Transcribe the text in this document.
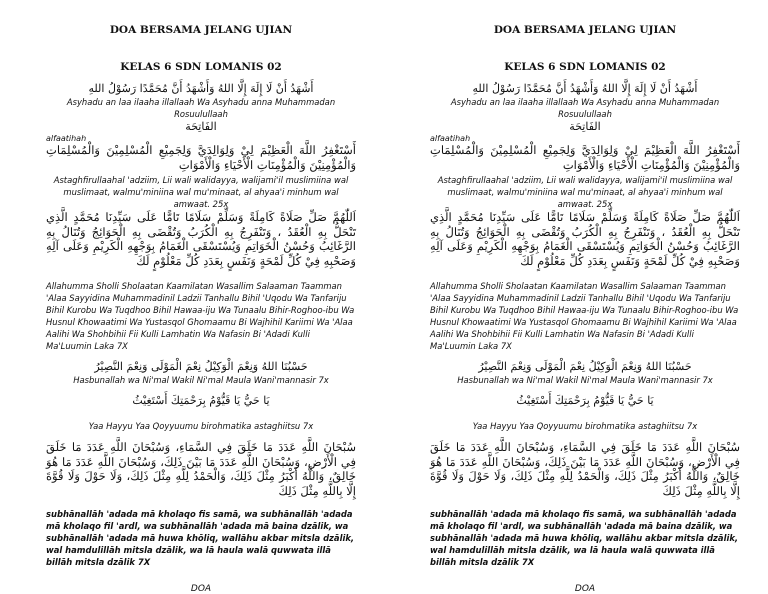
DOA BERSAMA JELANG UJIAN
KELAS 6 SDN LOMANIS 02

أَشْهَدُ أَنْ لَا إِلَهَ إِلَّا اللهُ وَأَشْهَدُ أَنَّ مُحَمَّدًا رَسُوْلُ اللهِ

Asyhadu an laa ilaaha illallaah Wa Asyhadu anna Muhammadan Rosuulullaah

الفَاتِحَة

alfaatihah

أَسْتَغْفِرُ اللَّهَ الْعَظِيْمَ لِيْ وَلِوَالِدَيَّ وَلِجَمِيْعِ الْمُسْلِمِيْنَ وَالْمُسْلِمَاتِ وَالْمُؤْمِنِيْنَ وَالْمُؤْمِنَاتِ الْأَحْيَاءِ وَالْأَمْوَاتِ

Astaghfirullaahal 'adziim, Lii wali walidayya, walijami'il muslimiina wal muslimaat, walmu'miniina wal mu'minaat, al ahyaa'i minhum wal amwaat. 25x

اَللّٰهُمَّ صَلِّ صَلَاةً كَامِلَةً وَسَلِّمْ سَلَامًا تَامًّا عَلَى سَيِّدِنَا مُحَمَّدٍ الَّذِي تَنْحَلُّ بِهِ الْعُقَدُ ، وَتَنْفَرِجُ بِهِ الْكُرَبُ وَتُقْضَى بِهِ الْحَوَائِجُ وَتُنَالُ بِهِ الرَّغَائِبُ وَحُسْنُ الْخَوَاتِمِ وَيُسْتَسْقَى الْغَمَامُ بِوَجْهِهِ الْكَرِيْمِ وَعَلَى آلِهِ وَصَحْبِهِ فِيْ كُلِّ لَمْحَةٍ وَنَفَسٍ بِعَدَدِ كُلِّ مَعْلُوْمٍ لَكَ

Allahumma Sholli Sholaatan Kaamilatan Wasallim Salaaman Taamman 'Alaa Sayyidina Muhammadinil Ladzii Tanhallu Bihil 'Uqodu Wa Tanfariju Bihil Kurobu Wa Tuqdhoo Bihil Hawaa-iju Wa Tunaalu Bihir-Roghoo-ibu Wa Husnul Khowaatimi Wa Yustasqol Ghomaamu Bi Wajhihil Kariimi Wa 'Alaa Aalihi Wa Shohbihii Fii Kulli Lamhatin Wa Nafasin Bi 'Adadi Kulli Ma'Luumin Laka 7X

حَسْبُنَا اللهُ وَنِعْمَ الْوَكِيْلُ نِعْمَ الْمَوْلَى وَنِعْمَ النَّصِيْرُ

Hasbunallah wa Ni'mal Wakil Ni'mal Maula Wani'mannasir 7x

يَا حَيُّ يَا قَيُّوْمُ بِرَحْمَتِكَ أَسْتَغِيْثُ

Yaa Hayyu Yaa Qoyyuumu birohmatika astaghiitsu 7x

سُبْحَانَ اللَّهِ عَدَدَ مَا خَلَقَ فِي السَّمَاءِ، وَسُبْحَانَ اللَّهِ عَدَدَ مَا خَلَقَ فِي الْأَرْضِ، وَسُبْحَانَ اللَّهِ عَدَدَ مَا بَيْنَ ذَلِكَ، وَسُبْحَانَ اللَّهِ عَدَدَ مَا هُوَ خَالِقٌ، وَاللَّهُ أَكْبَرُ مِثْلَ ذَلِكَ، وَالْحَمْدُ لِلَّهِ مِثْلَ ذَلِكَ، وَلَا حَوْلَ وَلَا قُوَّةَ إِلَّا بِاللَّهِ مِثْلَ ذَلِكَ

subhānallāh 'adada mā kholaqo fis samā, wa subhānallāh 'adada mā kholaqo fil 'ardl, wa subhānallāh 'adada mā baina dzālik, wa subhānallāh 'adada mā huwa khōliq, wallāhu akbar mitsla dzālik, wal hamdulillāh mitsla dzālik, wa lā haula walā quwwata illā billāh mitsla dzālik 7X

DOA
DOA BERSAMA JELANG UJIAN
KELAS 6 SDN LOMANIS 02

أَشْهَدُ أَنْ لَا إِلَهَ إِلَّا اللهُ وَأَشْهَدُ أَنَّ مُحَمَّدًا رَسُوْلُ اللهِ

Asyhadu an laa ilaaha illallaah Wa Asyhadu anna Muhammadan Rosuulullaah

الفَاتِحَة

alfaatihah

أَسْتَغْفِرُ اللَّهَ الْعَظِيْمَ لِيْ وَلِوَالِدَيَّ وَلِجَمِيْعِ الْمُسْلِمِيْنَ وَالْمُسْلِمَاتِ وَالْمُؤْمِنِيْنَ وَالْمُؤْمِنَاتِ الْأَحْيَاءِ وَالْأَمْوَاتِ

Astaghfirullaahal 'adziim, Lii wali walidayya, walijami'il muslimiina wal muslimaat, walmu'miniina wal mu'minaat, al ahyaa'i minhum wal amwaat. 25x

اَللّٰهُمَّ صَلِّ صَلَاةً كَامِلَةً وَسَلِّمْ سَلَامًا تَامًّا عَلَى سَيِّدِنَا مُحَمَّدٍ الَّذِي تَنْحَلُّ بِهِ الْعُقَدُ ، وَتَنْفَرِجُ بِهِ الْكُرَبُ وَتُقْضَى بِهِ الْحَوَائِجُ وَتُنَالُ بِهِ الرَّغَائِبُ وَحُسْنُ الْخَوَاتِمِ وَيُسْتَسْقَى الْغَمَامُ بِوَجْهِهِ الْكَرِيْمِ وَعَلَى آلِهِ وَصَحْبِهِ فِيْ كُلِّ لَمْحَةٍ وَنَفَسٍ بِعَدَدِ كُلِّ مَعْلُوْمٍ لَكَ

Allahumma Sholli Sholaatan Kaamilatan Wasallim Salaaman Taamman 'Alaa Sayyidina Muhammadinil Ladzii Tanhallu Bihil 'Uqodu Wa Tanfariju Bihil Kurobu Wa Tuqdhoo Bihil Hawaa-iju Wa Tunaalu Bihir-Roghoo-ibu Wa Husnul Khowaatimi Wa Yustasqol Ghomaamu Bi Wajhihil Kariimi Wa 'Alaa Aalihi Wa Shohbihii Fii Kulli Lamhatin Wa Nafasin Bi 'Adadi Kulli Ma'Luumin Laka 7X

حَسْبُنَا اللهُ وَنِعْمَ الْوَكِيْلُ نِعْمَ الْمَوْلَى وَنِعْمَ النَّصِيْرُ

Hasbunallah wa Ni'mal Wakil Ni'mal Maula Wani'mannasir 7x

يَا حَيُّ يَا قَيُّوْمُ بِرَحْمَتِكَ أَسْتَغِيْثُ

Yaa Hayyu Yaa Qoyyuumu birohmatika astaghiitsu 7x

سُبْحَانَ اللَّهِ عَدَدَ مَا خَلَقَ فِي السَّمَاءِ، وَسُبْحَانَ اللَّهِ عَدَدَ مَا خَلَقَ فِي الْأَرْضِ، وَسُبْحَانَ اللَّهِ عَدَدَ مَا بَيْنَ ذَلِكَ، وَسُبْحَانَ اللَّهِ عَدَدَ مَا هُوَ خَالِقٌ، وَاللَّهُ أَكْبَرُ مِثْلَ ذَلِكَ، وَالْحَمْدُ لِلَّهِ مِثْلَ ذَلِكَ، وَلَا حَوْلَ وَلَا قُوَّةَ إِلَّا بِاللَّهِ مِثْلَ ذَلِكَ

subhānallāh 'adada mā kholaqo fis samā, wa subhānallāh 'adada mā kholaqo fil 'ardl, wa subhānallāh 'adada mā baina dzālik, wa subhānallāh 'adada mā huwa khōliq, wallāhu akbar mitsla dzālik, wal hamdulillāh mitsla dzālik, wa lā haula walā quwwata illā billāh mitsla dzālik 7X

DOA
